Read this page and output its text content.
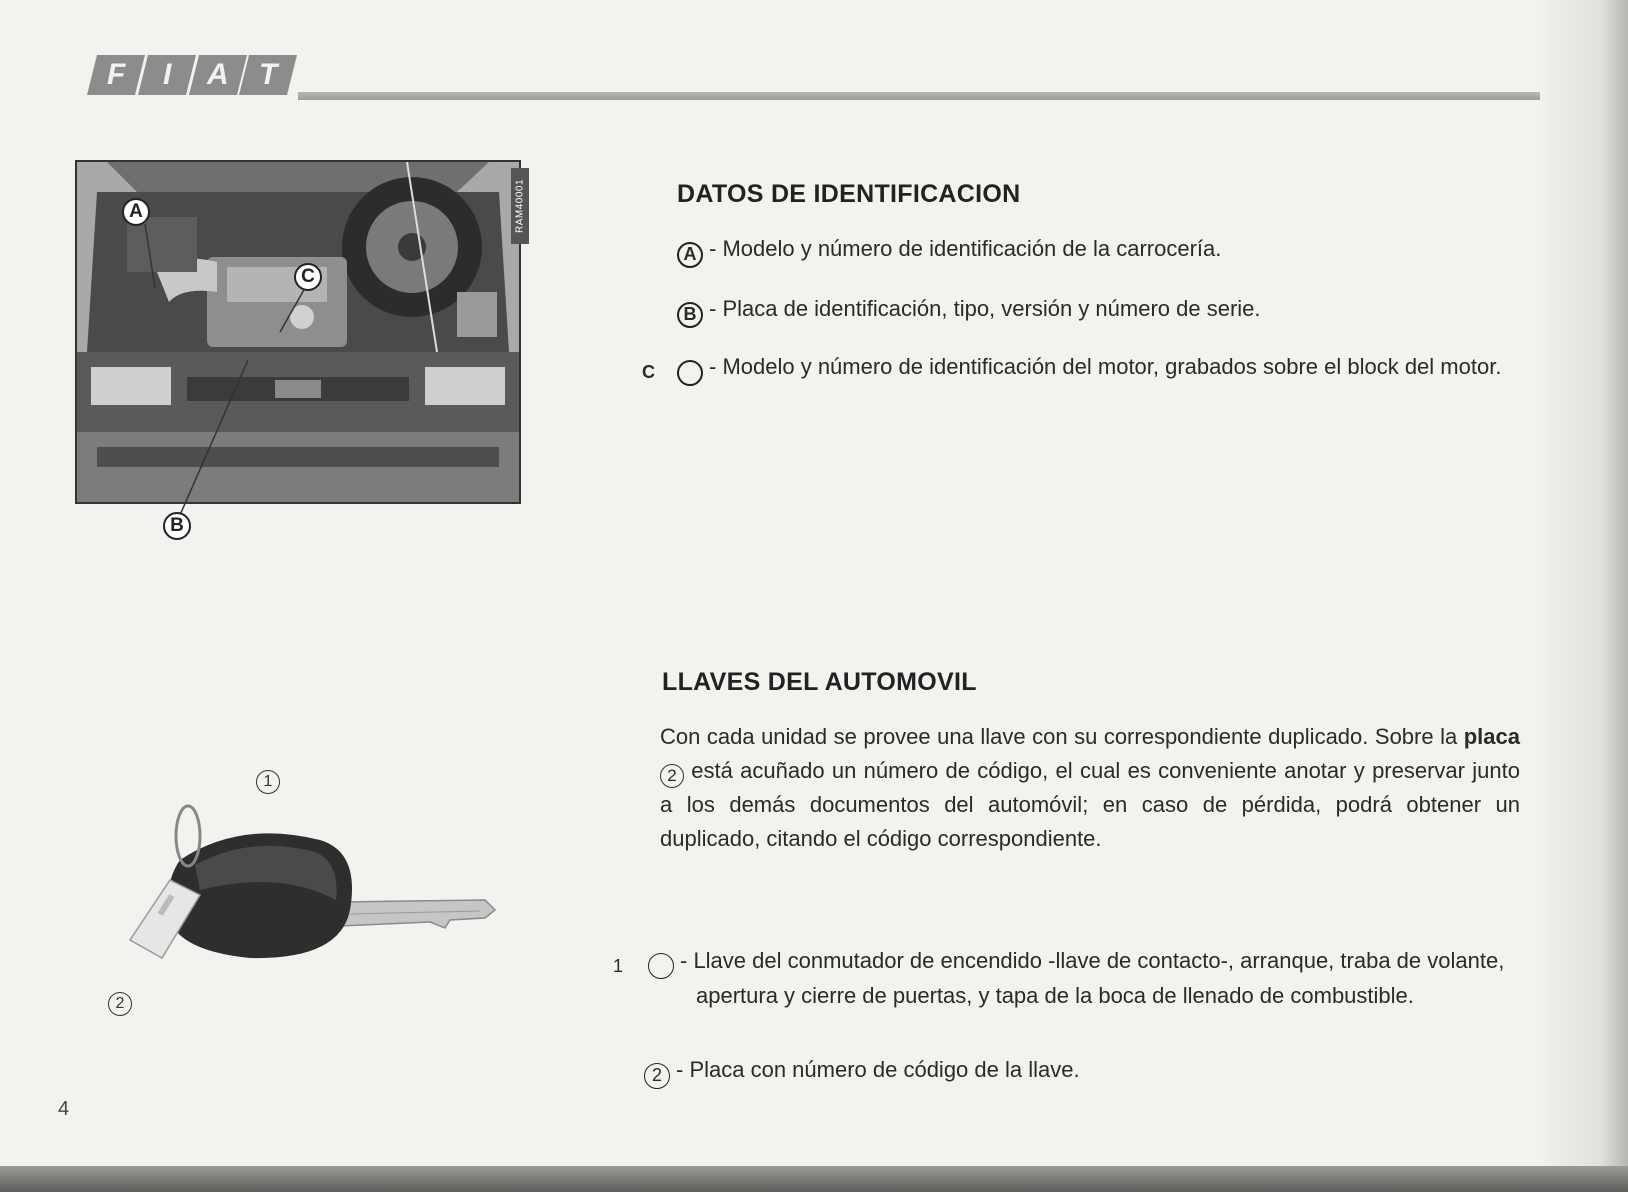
F I A T
RAM40001
A
C
B
1
2
DATOS DE IDENTIFICACION
A - Modelo y número de identificación de la carrocería.
B - Placa de identificación, tipo, versión y número de serie.
C - Modelo y número de identificación del motor, grabados sobre el block del motor.
LLAVES DEL AUTOMOVIL

Con cada unidad se provee una llave con su correspondiente duplicado. Sobre la placa 2 está acuñado un número de código, el cual es conveniente anotar y preservar junto a los demás documentos del automóvil; en caso de pérdida, podrá obtener un duplicado, citando el código correspondiente.

1	- Llave del conmutador de encendido -llave de contacto-, arranque, traba de volante, apertura y cierre de puertas, y tapa de la boca de llenado de combustible.
2 - Placa con número de código de la llave.
4
